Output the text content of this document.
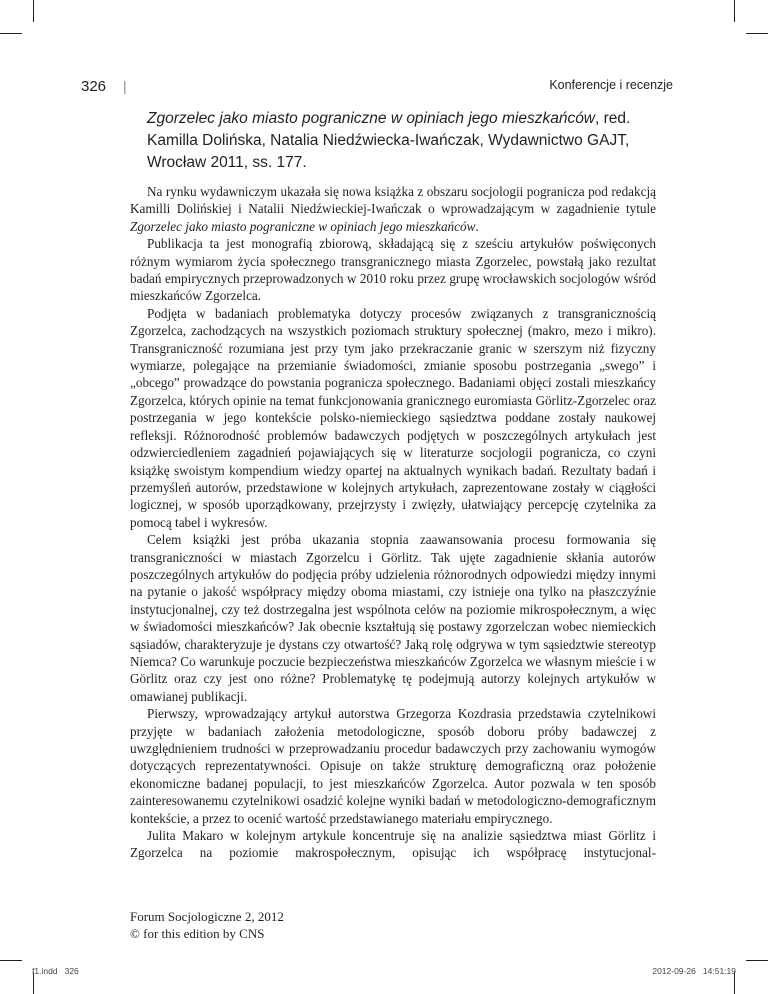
326 |	Konferencje i recenzje
Zgorzelec jako miasto pograniczne w opiniach jego mieszkańców, red. Kamilla Dolińska, Natalia Niedźwiecka-Iwańczak, Wydawnictwo GAJT, Wrocław 2011, ss. 177.

Na rynku wydawniczym ukazała się nowa książka z obszaru socjologii pogranicza pod redakcją Kamilli Dolińskiej i Natalii Niedźwieckiej-Iwańczak o wprowadzającym w zagadnienie tytule Zgorzelec jako miasto pograniczne w opiniach jego mieszkańców.

Publikacja ta jest monografią zbiorową, składającą się z sześciu artykułów poświęconych różnym wymiarom życia społecznego transgranicznego miasta Zgorzelec, powstałą jako rezultat badań empirycznych przeprowadzonych w 2010 roku przez grupę wrocławskich socjologów wśród mieszkańców Zgorzelca.

Podjęta w badaniach problematyka dotyczy procesów związanych z transgranicznością Zgorzelca, zachodzących na wszystkich poziomach struktury społecznej (makro, mezo i mikro). Transgraniczność rozumiana jest przy tym jako przekraczanie granic w szerszym niż fizyczny wymiarze, polegające na przemianie świadomości, zmianie sposobu postrzegania „swego” i „obcego” prowadzące do powstania pogranicza społecznego. Badaniami objęci zostali mieszkańcy Zgorzelca, których opinie na temat funkcjonowania granicznego euromiasta Görlitz-Zgorzelec oraz postrzegania w jego kontekście polsko-niemieckiego sąsiedztwa poddane zostały naukowej refleksji. Różnorodność problemów badawczych podjętych w poszczególnych artykułach jest odzwierciedleniem zagadnień pojawiających się w literaturze socjologii pogranicza, co czyni książkę swoistym kompendium wiedzy opartej na aktualnych wynikach badań. Rezultaty badań i przemyśleń autorów, przedstawione w kolejnych artykułach, zaprezentowane zostały w ciągłości logicznej, w sposób uporządkowany, przejrzysty i zwięzły, ułatwiający percepcję czytelnika za pomocą tabel i wykresów.

Celem książki jest próba ukazania stopnia zaawansowania procesu formowania się transgraniczności w miastach Zgorzelcu i Görlitz. Tak ujęte zagadnienie skłania autorów poszczególnych artykułów do podjęcia próby udzielenia różnorodnych odpowiedzi między innymi na pytanie o jakość współpracy między oboma miastami, czy istnieje ona tylko na płaszczyźnie instytucjonalnej, czy też dostrzegalna jest wspólnota celów na poziomie mikrospołecznym, a więc w świadomości mieszkańców? Jak obecnie kształtują się postawy zgorzelczan wobec niemieckich sąsiadów, charakteryzuje je dystans czy otwartość? Jaką rolę odgrywa w tym sąsiedztwie stereotyp Niemca? Co warunkuje poczucie bezpieczeństwa mieszkańców Zgorzelca we własnym mieście i w Görlitz oraz czy jest ono różne? Problematykę tę podejmują autorzy kolejnych artykułów w omawianej publikacji.

Pierwszy, wprowadzający artykuł autorstwa Grzegorza Kozdrasia przedstawia czytelnikowi przyjęte w badaniach założenia metodologiczne, sposób doboru próby badawczej z uwzględnieniem trudności w przeprowadzaniu procedur badawczych przy zachowaniu wymogów dotyczących reprezentatywności. Opisuje on także strukturę demograficzną oraz położenie ekonomiczne badanej populacji, to jest mieszkańców Zgorzelca. Autor pozwala w ten sposób zainteresowanemu czytelnikowi osadzić kolejne wyniki badań w metodologiczno-demograficznym kontekście, a przez to ocenić wartość przedstawianego materiału empirycznego.

Julita Makaro w kolejnym artykule koncentruje się na analizie sąsiedztwa miast Görlitz i Zgorzelca na poziomie makrospołecznym, opisując ich współpracę instytucjonal-

Forum Socjologiczne 2, 2012
© for this edition by CNS
f1.indd   326	2012-09-26   14:51:19
